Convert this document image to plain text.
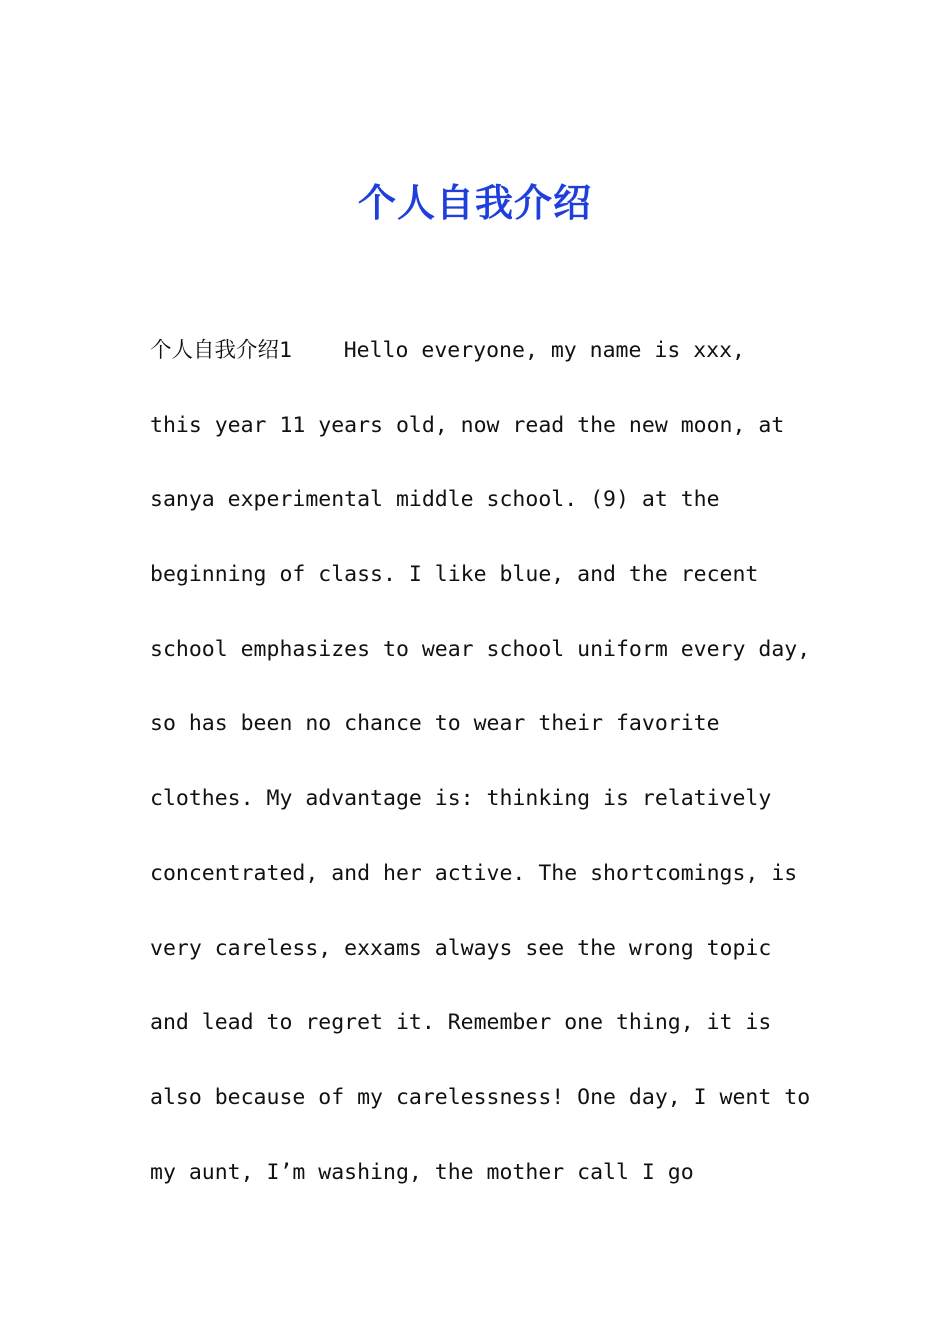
个人自我介绍
个人自我介绍1    Hello everyone, my name is xxx,
this year 11 years old, now read the new moon, at
sanya experimental middle school. (9) at the
beginning of class. I like blue, and the recent
school emphasizes to wear school uniform every day,
so has been no chance to wear their favorite
clothes. My advantage is: thinking is relatively
concentrated, and her active. The shortcomings, is
very careless, exxams always see the wrong topic
and lead to regret it. Remember one thing, it is
also because of my carelessness! One day, I went to
my aunt, I’m washing, the mother call I go
